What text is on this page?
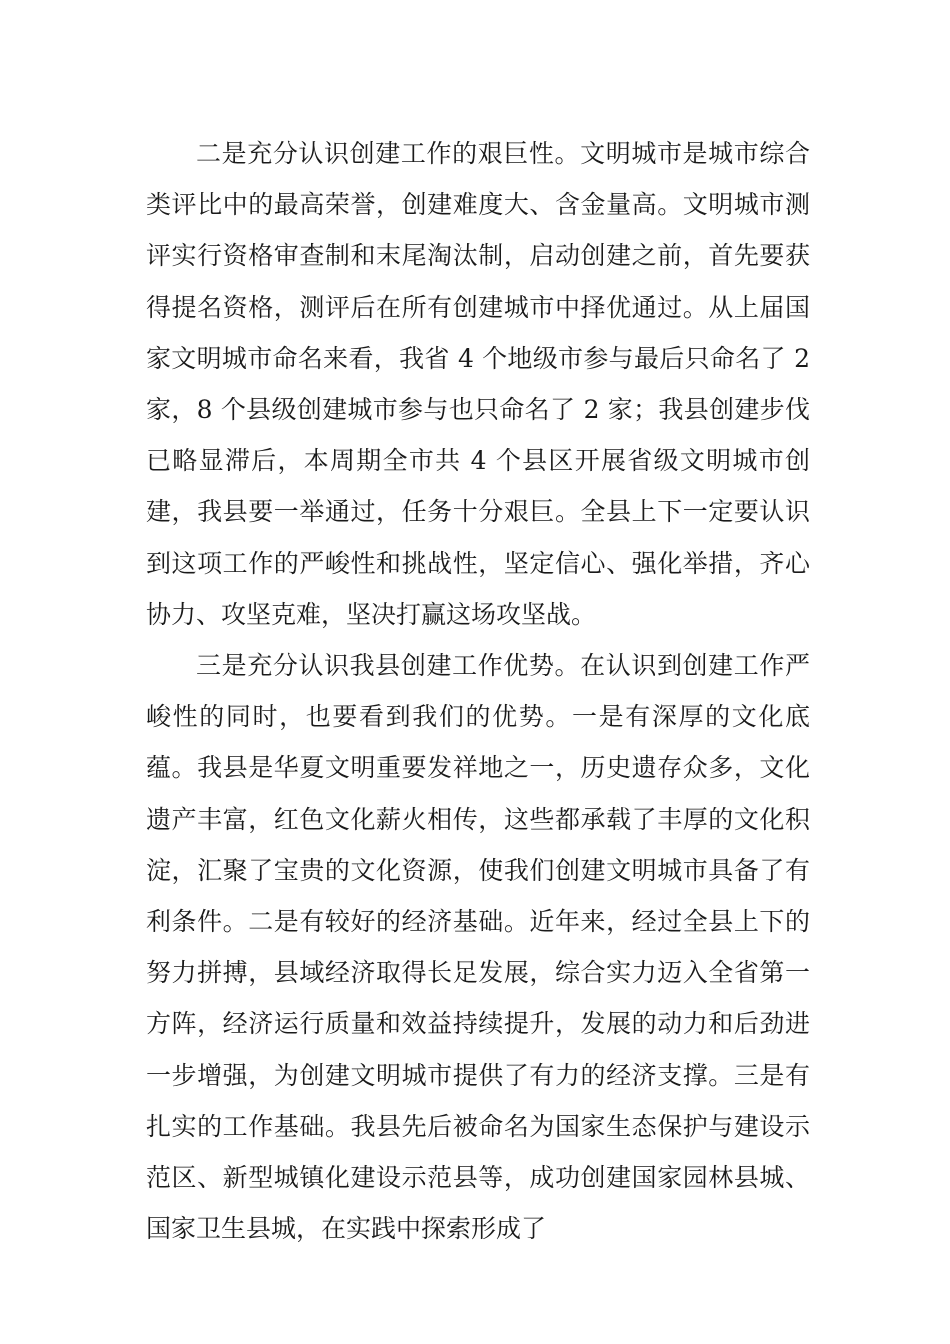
二是充分认识创建工作的艰巨性。文明城市是城市综合类评比中的最高荣誉，创建难度大、含金量高。文明城市测评实行资格审查制和末尾淘汰制，启动创建之前，首先要获得提名资格，测评后在所有创建城市中择优通过。从上届国家文明城市命名来看，我省 4 个地级市参与最后只命名了 2 家，8 个县级创建城市参与也只命名了 2 家；我县创建步伐已略显滞后，本周期全市共 4 个县区开展省级文明城市创建，我县要一举通过，任务十分艰巨。全县上下一定要认识到这项工作的严峻性和挑战性，坚定信心、强化举措，齐心协力、攻坚克难，坚决打赢这场攻坚战。

三是充分认识我县创建工作优势。在认识到创建工作严峻性的同时，也要看到我们的优势。一是有深厚的文化底蕴。我县是华夏文明重要发祥地之一，历史遗存众多，文化遗产丰富，红色文化薪火相传，这些都承载了丰厚的文化积淀，汇聚了宝贵的文化资源，使我们创建文明城市具备了有利条件。二是有较好的经济基础。近年来，经过全县上下的努力拼搏，县域经济取得长足发展，综合实力迈入全省第一方阵，经济运行质量和效益持续提升，发展的动力和后劲进一步增强，为创建文明城市提供了有力的经济支撑。三是有扎实的工作基础。我县先后被命名为国家生态保护与建设示范区、新型城镇化建设示范县等，成功创建国家园林县城、国家卫生县城，在实践中探索形成了
